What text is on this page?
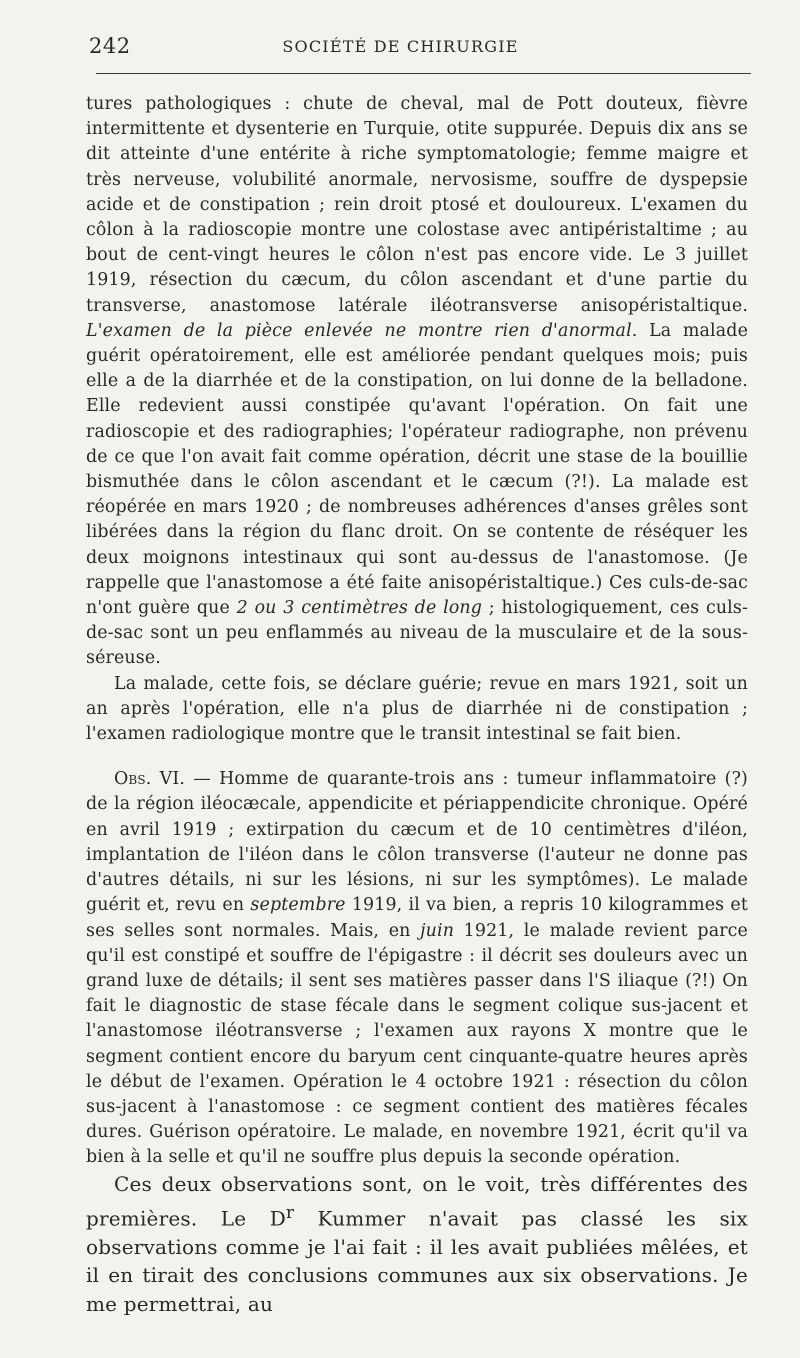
242	SOCIÉTÉ DE CHIRURGIE

tures pathologiques : chute de cheval, mal de Pott douteux, fièvre intermittente et dysenterie en Turquie, otite suppurée. Depuis dix ans se dit atteinte d'une entérite à riche symptomatologie; femme maigre et très nerveuse, volubilité anormale, nervosisme, souffre de dyspepsie acide et de constipation ; rein droit ptosé et douloureux. L'examen du côlon à la radioscopie montre une colostase avec antipéristaltime ; au bout de cent-vingt heures le côlon n'est pas encore vide. Le 3 juillet 1919, résection du cæcum, du côlon ascendant et d'une partie du transverse, anastomose latérale iléotransverse anisopéristaltique. L'examen de la pièce enlevée ne montre rien d'anormal. La malade guérit opératoirement, elle est améliorée pendant quelques mois; puis elle a de la diarrhée et de la constipation, on lui donne de la belladone. Elle redevient aussi constipée qu'avant l'opération. On fait une radioscopie et des radiographies; l'opérateur radiographe, non prévenu de ce que l'on avait fait comme opération, décrit une stase de la bouillie bismuthée dans le côlon ascendant et le cæcum (?!). La malade est réopérée en mars 1920 ; de nombreuses adhérences d'anses grêles sont libérées dans la région du flanc droit. On se contente de réséquer les deux moignons intestinaux qui sont au-dessus de l'anastomose. (Je rappelle que l'anastomose a été faite anisopéristaltique.) Ces culs-de-sac n'ont guère que 2 ou 3 centimètres de long ; histologiquement, ces culs-de-sac sont un peu enflammés au niveau de la musculaire et de la sous-séreuse.

La malade, cette fois, se déclare guérie; revue en mars 1921, soit un an après l'opération, elle n'a plus de diarrhée ni de constipation ; l'examen radiologique montre que le transit intestinal se fait bien.

Obs. VI. — Homme de quarante-trois ans : tumeur inflammatoire (?) de la région iléocæcale, appendicite et périappendicite chronique. Opéré en avril 1919 ; extirpation du cæcum et de 10 centimètres d'iléon, implantation de l'iléon dans le côlon transverse (l'auteur ne donne pas d'autres détails, ni sur les lésions, ni sur les symptômes). Le malade guérit et, revu en septembre 1919, il va bien, a repris 10 kilogrammes et ses selles sont normales. Mais, en juin 1921, le malade revient parce qu'il est constipé et souffre de l'épigastre : il décrit ses douleurs avec un grand luxe de détails; il sent ses matières passer dans l'S iliaque (?!) On fait le diagnostic de stase fécale dans le segment colique sus-jacent et l'anastomose iléotransverse ; l'examen aux rayons X montre que le segment contient encore du baryum cent cinquante-quatre heures après le début de l'examen. Opération le 4 octobre 1921 : résection du côlon sus-jacent à l'anastomose : ce segment contient des matières fécales dures. Guérison opératoire. Le malade, en novembre 1921, écrit qu'il va bien à la selle et qu'il ne souffre plus depuis la seconde opération.

Ces deux observations sont, on le voit, très différentes des premières. Le $D^r$ Kummer n'avait pas classé les six observations comme je l'ai fait : il les avait publiées mêlées, et il en tirait des conclusions communes aux six observations. Je me permettrai, au
